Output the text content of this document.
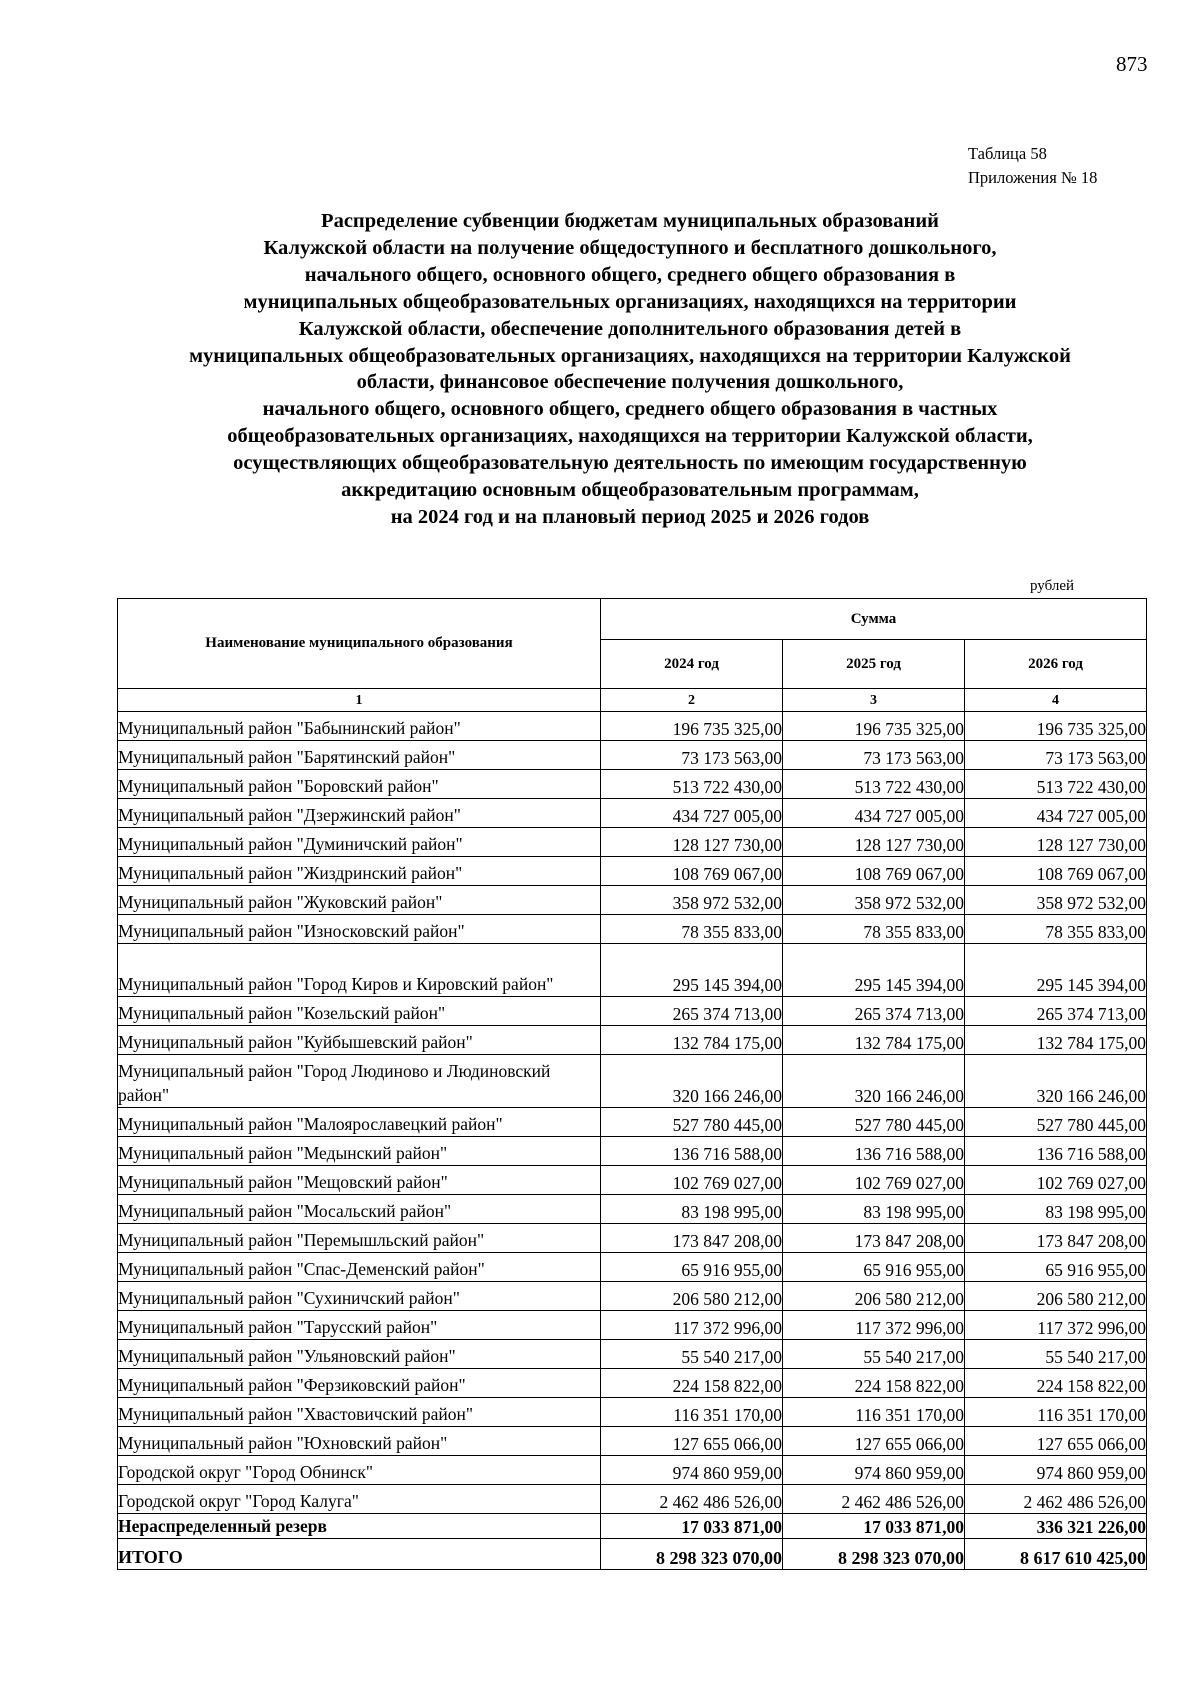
873
Таблица 58
Приложения № 18
Распределение субвенции бюджетам муниципальных образований
Калужской области на получение общедоступного и бесплатного дошкольного,
начального общего, основного общего, среднего общего образования в
муниципальных общеобразовательных организациях, находящихся на территории
Калужской области, обеспечение дополнительного образования детей в
муниципальных общеобразовательных организациях, находящихся на территории Калужской
области, финансовое обеспечение получения дошкольного,
начального общего, основного общего, среднего общего образования в частных
общеобразовательных организациях, находящихся на территории Калужской области,
осуществляющих общеобразовательную деятельность по имеющим государственную
аккредитацию основным общеобразовательным программам,
на 2024 год и на плановый период 2025 и 2026 годов
рублей
Наименование муниципального образования	Сумма		
	2024 год	2025 год	2026 год
1	2	3	4
Муниципальный район "Бабынинский район"	196 735 325,00	196 735 325,00	196 735 325,00
Муниципальный район "Барятинский район"	73 173 563,00	73 173 563,00	73 173 563,00
Муниципальный район "Боровский район"	513 722 430,00	513 722 430,00	513 722 430,00
Муниципальный район "Дзержинский район"	434 727 005,00	434 727 005,00	434 727 005,00
Муниципальный район "Думиничский район"	128 127 730,00	128 127 730,00	128 127 730,00
Муниципальный район "Жиздринский район"	108 769 067,00	108 769 067,00	108 769 067,00
Муниципальный район "Жуковский район"	358 972 532,00	358 972 532,00	358 972 532,00
Муниципальный район "Износковский район"	78 355 833,00	78 355 833,00	78 355 833,00
Муниципальный район "Город Киров и Кировский район"	295 145 394,00	295 145 394,00	295 145 394,00
Муниципальный район "Козельский район"	265 374 713,00	265 374 713,00	265 374 713,00
Муниципальный район "Куйбышевский район"	132 784 175,00	132 784 175,00	132 784 175,00
Муниципальный район "Город Людиново и Людиновский район"	320 166 246,00	320 166 246,00	320 166 246,00
Муниципальный район "Малоярославецкий район"	527 780 445,00	527 780 445,00	527 780 445,00
Муниципальный район "Медынский район"	136 716 588,00	136 716 588,00	136 716 588,00
Муниципальный район "Мещовский район"	102 769 027,00	102 769 027,00	102 769 027,00
Муниципальный район "Мосальский район"	83 198 995,00	83 198 995,00	83 198 995,00
Муниципальный район "Перемышльский район"	173 847 208,00	173 847 208,00	173 847 208,00
Муниципальный район "Спас-Деменский район"	65 916 955,00	65 916 955,00	65 916 955,00
Муниципальный район "Сухиничский район"	206 580 212,00	206 580 212,00	206 580 212,00
Муниципальный район "Тарусский район"	117 372 996,00	117 372 996,00	117 372 996,00
Муниципальный район "Ульяновский район"	55 540 217,00	55 540 217,00	55 540 217,00
Муниципальный район "Ферзиковский район"	224 158 822,00	224 158 822,00	224 158 822,00
Муниципальный район "Хвастовичский район"	116 351 170,00	116 351 170,00	116 351 170,00
Муниципальный район "Юхновский район"	127 655 066,00	127 655 066,00	127 655 066,00
Городской округ "Город Обнинск"	974 860 959,00	974 860 959,00	974 860 959,00
Городской округ "Город Калуга"	2 462 486 526,00	2 462 486 526,00	2 462 486 526,00
Нераспределенный резерв	17 033 871,00	17 033 871,00	336 321 226,00
ИТОГО	8 298 323 070,00	8 298 323 070,00	8 617 610 425,00
